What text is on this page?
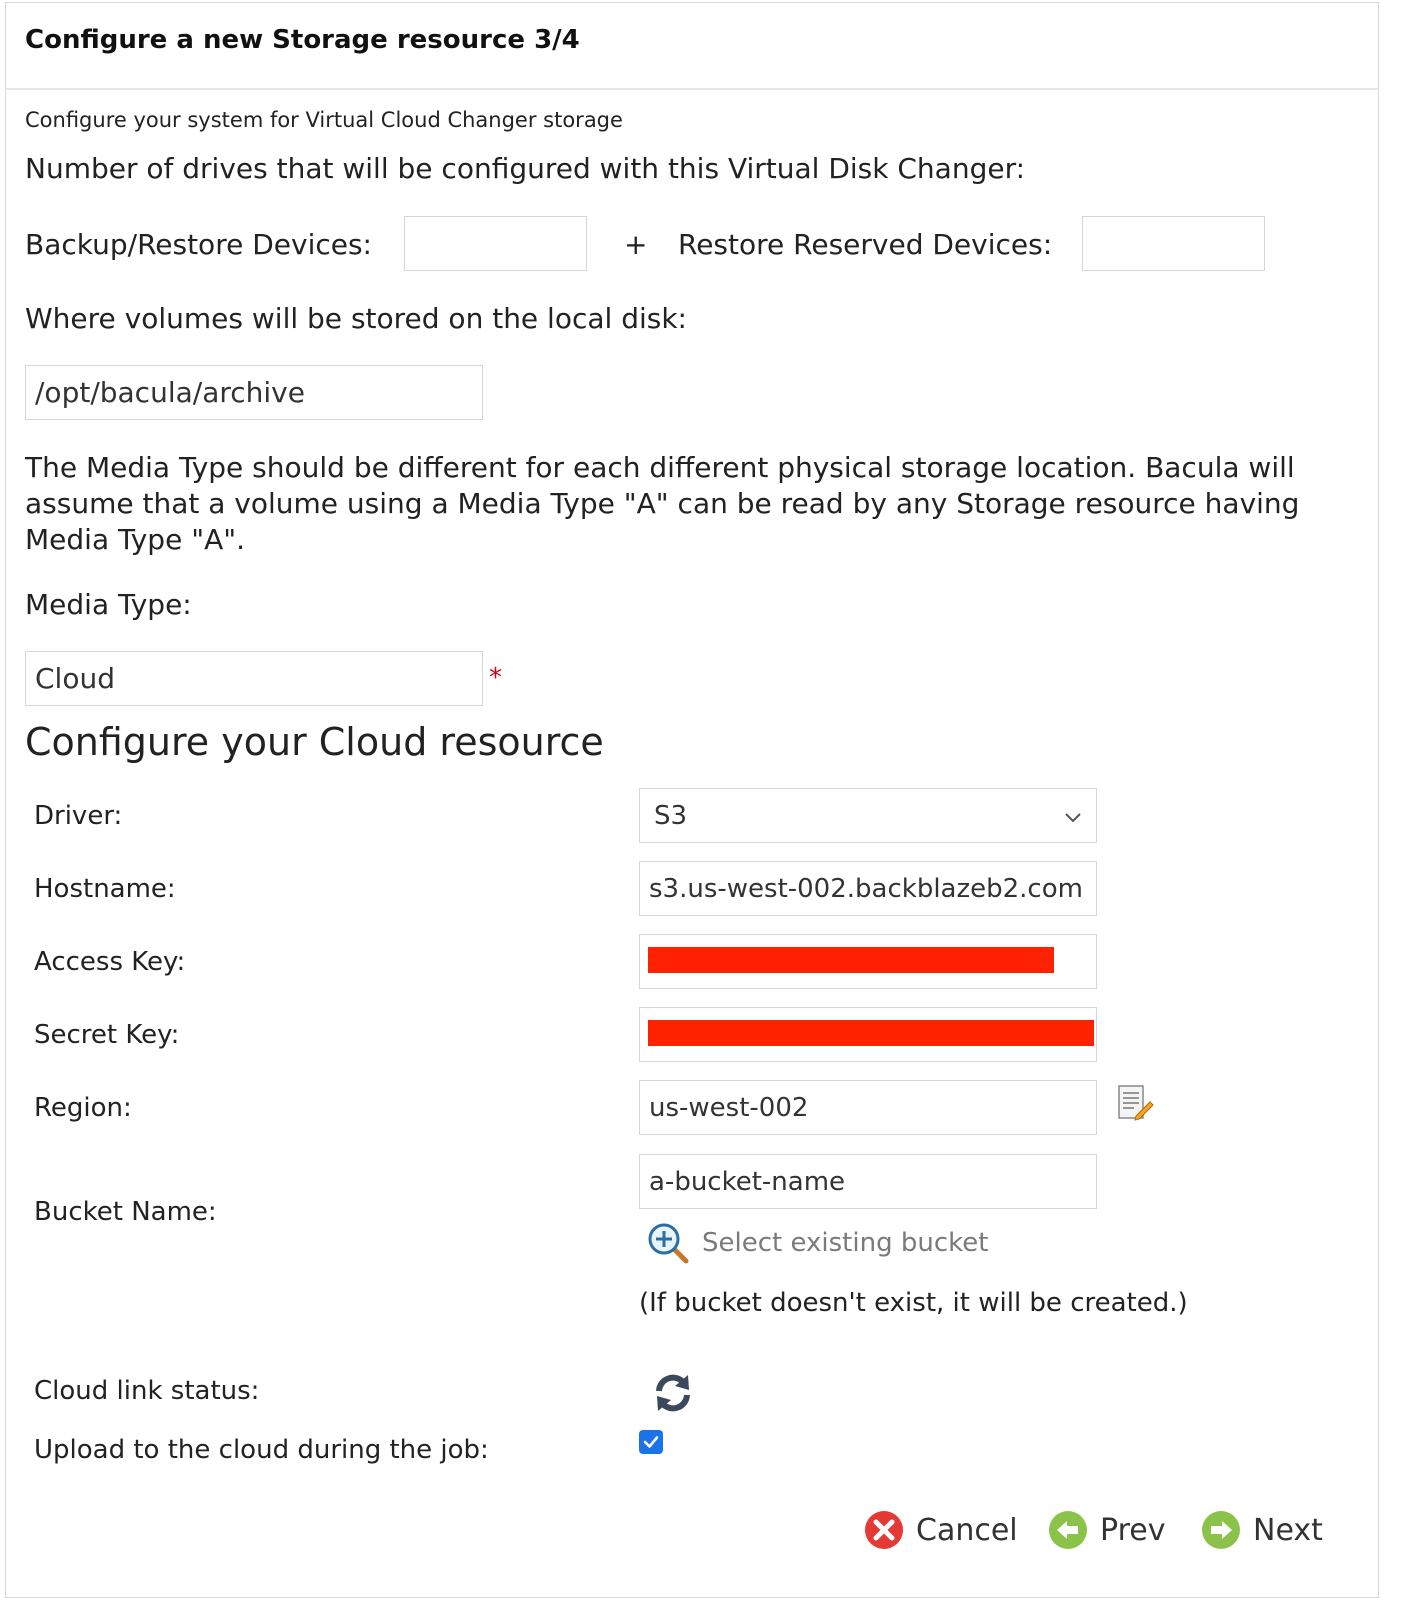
Configure a new Storage resource 3/4
Configure your system for Virtual Cloud Changer storage
Number of drives that will be configured with this Virtual Disk Changer:
Backup/Restore Devices:	+ Restore Reserved Devices:
Where volumes will be stored on the local disk:
/opt/bacula/archive
The Media Type should be different for each different physical storage location. Bacula will assume that a volume using a Media Type "A" can be read by any Storage resource having Media Type "A".
Media Type:
Cloud	*
Configure your Cloud resource
Driver:	S3
Hostname:	s3.us-west-002.backblazeb2.com
Access Key:
Secret Key:
Region:	us-west-002
Bucket Name:
a-bucket-name
Select existing bucket
(If bucket doesn't exist, it will be created.)
Cloud link status:
Upload to the cloud during the job:
Cancel	Prev	Next
